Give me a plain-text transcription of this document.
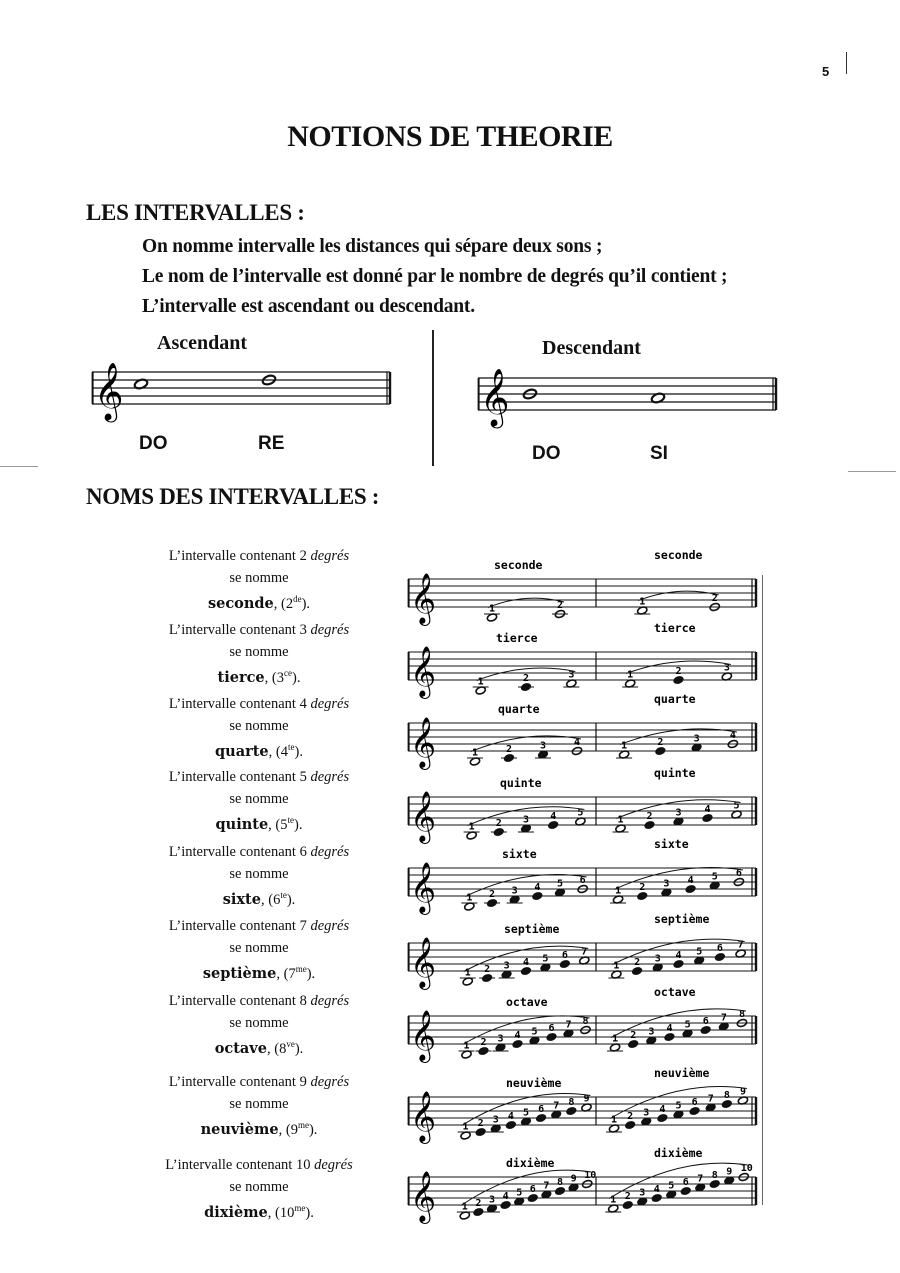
5
NOTIONS DE THEORIE
LES INTERVALLES :
On nomme intervalle les distances qui sépare deux sons ;
Le nom de l’intervalle est donné par le nombre de degrés qu’il contient ;
L’intervalle est ascendant ou descendant.
Ascendant
𝄞
DO	RE
Descendant
𝄞
DO	SI
NOMS DES INTERVALLES :
L’intervalle contenant 2 degrés
se nomme
seconde, (2de).	𝄞	1	2	1	2
seconde
seconde
L’intervalle contenant 3 degrés
se nomme
tierce, $(3^{ce})$.	𝄞	1	2	3	1	2	3
tierce
tierce
L’intervalle contenant 4 degrés
se nomme
quarte, $(4^{te})$.	𝄞	1	2	3	4	1	2	3	4
quarte
quarte
L’intervalle contenant 5 degrés
se nomme
quinte, $(5^{te})$.	𝄞	1 2 3 4 5
1 2 3 4 5
quinte
quinte
L’intervalle contenant 6 degrés
se nomme
sixte, $(6^{te})$.	𝄞	1 2 3 4 5 6
1 2 3 4 5 6
sixte
sixte
L’intervalle contenant 7 degrés
se nomme
septième, $(7^{me})$.	𝄞	1 2 3 4 5 6 7
1 2 3 4 5 6 7
septième
septième
L’intervalle contenant 8 degrés
se nomme
octave, $(8^{ve})$.	𝄞	1 2 3 4 5 6 7 8
1 2 3 4 5 6 7 8
octave
octave
L’intervalle contenant 9 degrés
se nomme
neuvième, $(9^{me})$.	𝄞	1 2 3 4 5 6 7 8 9
1 2 3 4 5 6 7 8 9
neuvième
neuvième
L’intervalle contenant 10 degrés
se nomme
dixième, $(10^{me})$.	𝄞	1 2 3 4 5 6 7 8 9 10
1 2 3 4 5 6 7 8 9 10
dixième
dixième
